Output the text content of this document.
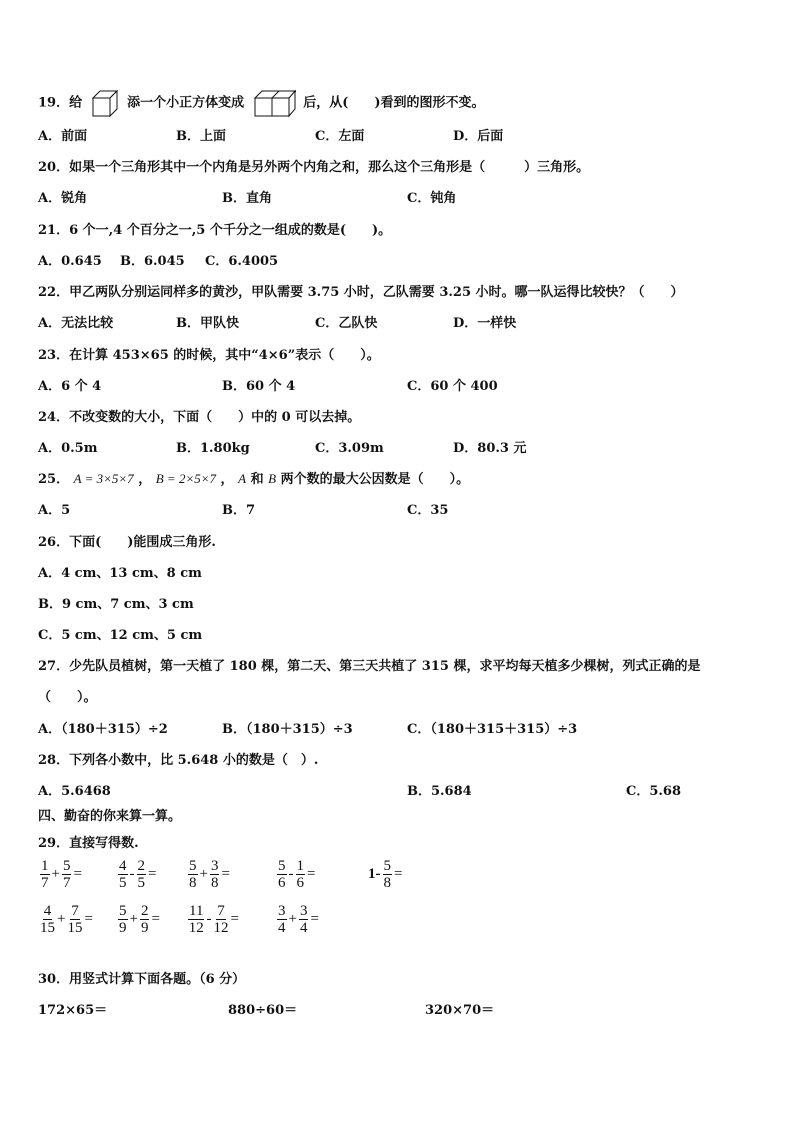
19．给	添一个小正方体变成	后，从(　　)看到的图形不变。
A．前面	B．上面	C．左面	D．后面
20．如果一个三角形其中一个内角是另外两个内角之和，那么这个三角形是（　　　）三角形。
A．锐角	B．直角	C．钝角
21．6 个一,4 个百分之一,5 个千分之一组成的数是(　　)。
A．0.645 B．6.045 C．6.4005
22．甲乙两队分别运同样多的黄沙，甲队需要 3.75 小时，乙队需要 3.25 小时。哪一队运得比较快？（　　）
A．无法比较	B．甲队快	C．乙队快	D．一样快
23．在计算 453×65 的时候，其中“4×6”表示（　　）。
A．6 个 4	B．60 个 4	C．60 个 400
24．不改变数的大小，下面（　　）中的 0 可以去掉。
A．0.5m	B．1.80kg	C．3.09m	D．80.3 元
25． A = 3×5×7 ， B = 2×5×7 ， A 和 B 两个数的最大公因数是（　　）。
A．5	B．7	C．35
26．下面(　　)能围成三角形.
A．4 cm、13 cm、8 cm
B．9 cm、7 cm、3 cm
C．5 cm、12 cm、5 cm
27．少先队员植树，第一天植了 180 棵，第二天、第三天共植了 315 棵，求平均每天植多少棵树，列式正确的是
（　　）。
A．（180＋315）÷2	B．（180＋315）÷3	C．（180＋315＋315）÷3
28．下列各小数中，比 5.648 小的数是（　）.
A．5.6468	B．5.684	C．5.68
四、勤奋的你来算一算。
29．直接写得数.
$\frac{1}{7} + \frac{5}{7} = \frac{4}{5} - \frac{2}{5} = \frac{5}{8} + \frac{3}{8}$ =	$\frac{5}{6} - \frac{1}{6}$ =	$1- \frac{5}{8}$ =
$\frac{4}{15} + \frac{7}{15} = \frac{5}{9} + \frac{2}{9} = \frac{11}{12} - \frac{7}{12}$ =	$\frac{3}{4} + \frac{3}{4}$ =
30．用竖式计算下面各题。（6 分）
172×65＝	880÷60＝	320×70＝
